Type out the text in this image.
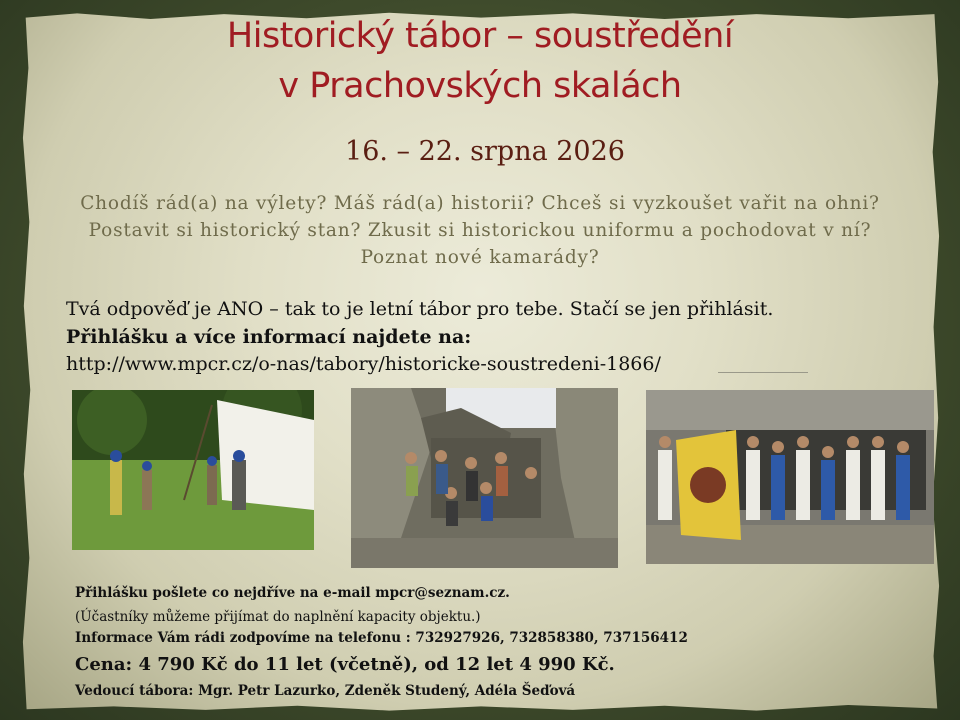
Historický tábor – soustředění
v Prachovských skalách
16. – 22. srpna 2026
Chodíš rád(a) na výlety? Máš rád(a) historii? Chceš si vyzkoušet vařit na ohni? Postavit si historický stan? Zkusit si historickou uniformu a pochodovat v ní? Poznat nové kamarády?
Tvá odpověď je ANO – tak to je letní tábor pro tebe. Stačí se jen přihlásit.
Přihlášku a více informací najdete na:
http://www.mpcr.cz/o-nas/tabory/historicke-soustredeni-1866/
Přihlášku pošlete co nejdříve na e-mail mpcr@seznam.cz.
(Účastníky můžeme přijímat do naplnění kapacity objektu.)
Informace Vám rádi zodpovíme na telefonu : 732927926, 732858380, 737156412
Cena: 4 790 Kč do 11 let (včetně), od 12 let 4 990 Kč.
Vedoucí tábora: Mgr. Petr Lazurko, Zdeněk Studený, Adéla Šeďová
